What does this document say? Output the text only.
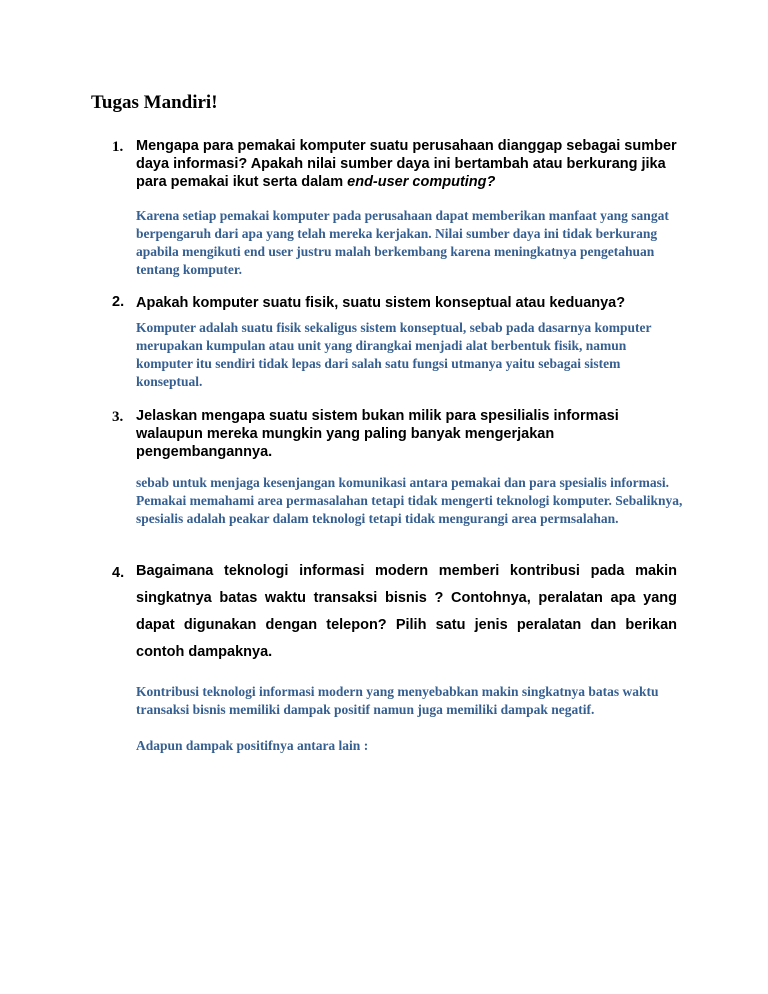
Tugas Mandiri!
1. Mengapa para pemakai komputer suatu perusahaan dianggap sebagai sumber daya informasi? Apakah nilai sumber daya ini bertambah atau berkurang jika para pemakai ikut serta dalam end-user computing?

Karena setiap pemakai komputer pada perusahaan dapat memberikan manfaat yang sangat berpengaruh dari apa yang telah mereka kerjakan. Nilai sumber daya ini tidak berkurang apabila mengikuti end user justru malah berkembang karena meningkatnya pengetahuan tentang komputer.

2. Apakah komputer suatu fisik, suatu sistem konseptual atau keduanya?

Komputer adalah suatu fisik sekaligus sistem konseptual, sebab pada dasarnya komputer merupakan kumpulan atau unit yang dirangkai menjadi alat berbentuk fisik, namun komputer itu sendiri tidak lepas dari salah satu fungsi utmanya yaitu sebagai sistem konseptual.

3. Jelaskan mengapa suatu sistem bukan milik para spesilialis informasi walaupun mereka mungkin yang paling banyak mengerjakan pengembangannya.

sebab untuk menjaga kesenjangan komunikasi antara pemakai dan para spesialis informasi. Pemakai memahami area permasalahan tetapi tidak mengerti teknologi komputer. Sebaliknya, spesialis adalah peakar dalam teknologi tetapi tidak mengurangi area permsalahan.

4. Bagaimana teknologi informasi modern memberi kontribusi pada makin singkatnya batas waktu transaksi bisnis ? Contohnya, peralatan apa yang dapat digunakan dengan telepon? Pilih satu jenis peralatan dan berikan contoh dampaknya.

Kontribusi teknologi informasi modern yang menyebabkan makin singkatnya batas waktu transaksi bisnis memiliki dampak positif namun juga memiliki dampak negatif.

Adapun dampak positifnya antara lain :
